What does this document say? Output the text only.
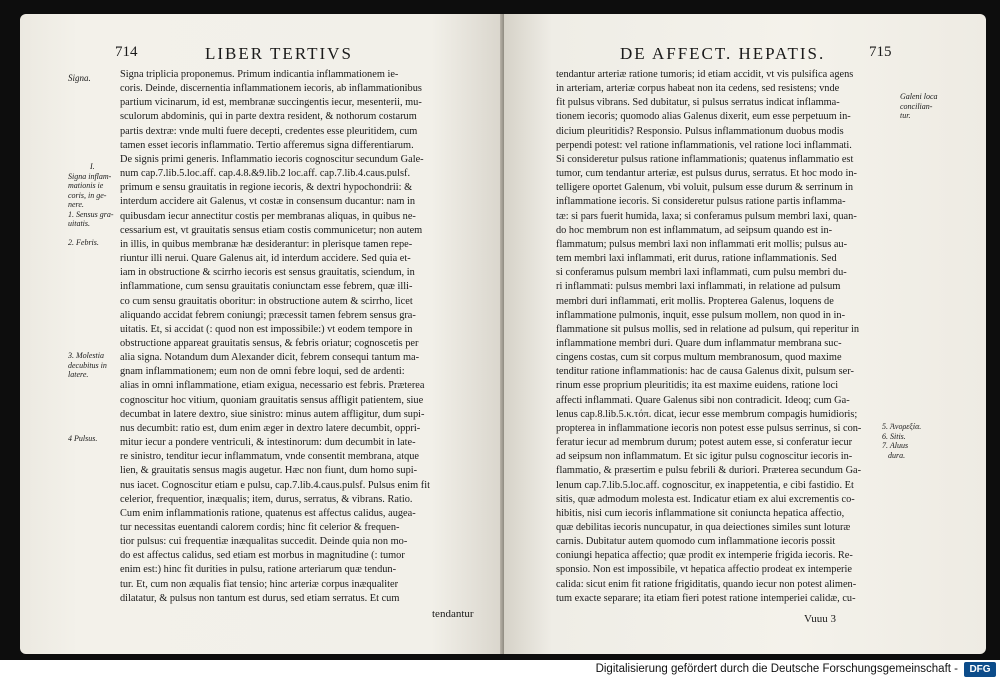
714	LIBER TERTIVS
Signa.
I.
Signa inflam-
mationis ie
coris, in ge-
nere.
1. Sensus gra-
uitatis.
2. Febris.
3. Molestia
decubitus in
latere.
4 Pulsus.
Signa triplicia proponemus. Primum indicantia inflammationem ie-
coris. Deinde, discernentia inflammationem iecoris, ab inflammationibus
partium vicinarum, id est, membranæ succingentis iecur, mesenterii, mu-
sculorum abdominis, qui in parte dextra resident, & nothorum costarum
partis dextræ: vnde multi fuere decepti, credentes esse pleuritidem, cum
tamen esset iecoris inflammatio. Tertio afferemus signa differentiarum.
De signis primi generis. Inflammatio iecoris cognoscitur secundum Gale-
num cap.7.lib.5.loc.aff. cap.4.8.&9.lib.2 loc.aff. cap.7.lib.4.caus.pulsf.
primum e sensu grauitatis in regione iecoris, & dextri hypochondrii: &
interdum accidere ait Galenus, vt costæ in consensum ducantur: nam in
quibusdam iecur annectitur costis per membranas aliquas, in quibus ne-
cessarium est, vt grauitatis sensus etiam costis communicetur; non autem
in illis, in quibus membranæ hæ desiderantur: in plerisque tamen repe-
riuntur illi nerui. Quare Galenus ait, id interdum accidere. Sed quia et-
iam in obstructione & scirrho iecoris est sensus grauitatis, sciendum, in
inflammatione, cum sensu grauitatis coniunctam esse febrem, quæ illi-
co cum sensu grauitatis oboritur: in obstructione autem & scirrho, licet
aliquando accidat febrem coniungi; præcessit tamen febrem sensus gra-
uitatis. Et, si accidat (: quod non est impossibile:) vt eodem tempore in
obstructione appareat grauitatis sensus, & febris oriatur; cognoscetis per
alia signa. Notandum dum Alexander dicit, febrem consequi tantum ma-
gnam inflammationem; eum non de omni febre loqui, sed de ardenti:
alias in omni inflammatione, etiam exigua, necessario est febris. Præterea
cognoscitur hoc vitium, quoniam grauitatis sensus affligit patientem, siue
decumbat in latere dextro, siue sinistro: minus autem affligitur, dum supi-
nus decumbit: ratio est, dum enim æger in dextro latere decumbit, oppri-
mitur iecur a pondere ventriculi, & intestinorum: dum decumbit in late-
re sinistro, tenditur iecur inflammatum, vnde consentit membrana, atque
lien, & grauitatis sensus magis augetur. Hæc non fiunt, dum homo supi-
nus iacet. Cognoscitur etiam e pulsu, cap.7.lib.4.caus.pulsf. Pulsus enim fit
celerior, frequentior, inæqualis; item, durus, serratus, & vibrans. Ratio.
Cum enim inflammationis ratione, quatenus est affectus calidus, augea-
tur necessitas euentandi calorem cordis; hinc fit celerior & frequen-
tior pulsus: cui frequentiæ inæqualitas succedit. Deinde quia non mo-
do est affectus calidus, sed etiam est morbus in magnitudine (: tumor
enim est:) hinc fit durities in pulsu, ratione arteriarum quæ tendun-
tur. Et, cum non æqualis fiat tensio; hinc arteriæ corpus inæqualiter
dilatatur, & pulsus non tantum est durus, sed etiam serratus. Et cum
tendantur
DE AFFECT. HEPATIS.	715
tendantur arteriæ ratione tumoris; id etiam accidit, vt vis pulsifica agens
in arteriam, arteriæ corpus habeat non ita cedens, sed resistens; vnde
fit pulsus vibrans. Sed dubitatur, si pulsus serratus indicat inflamma-
tionem iecoris; quomodo alias Galenus dixerit, eum esse perpetuum in-
dicium pleuritidis? Responsio. Pulsus inflammationum duobus modis
perpendi potest: vel ratione inflammationis, vel ratione loci inflammati.
Si consideretur pulsus ratione inflammationis; quatenus inflammatio est
tumor, cum tendantur arteriæ, est pulsus durus, serratus. Et hoc modo in-
telligere oportet Galenum, vbi voluit, pulsum esse durum & serrinum in
inflammatione iecoris. Si consideretur pulsus ratione partis inflamma-
tæ: si pars fuerit humida, laxa; si conferamus pulsum membri laxi, quan-
do hoc membrum non est inflammatum, ad seipsum quando est in-
flammatum; pulsus membri laxi non inflammati erit mollis; pulsus au-
tem membri laxi inflammati, erit durus, ratione inflammationis. Sed
si conferamus pulsum membri laxi inflammati, cum pulsu membri du-
ri inflammati: pulsus membri laxi inflammati, in relatione ad pulsum
membri duri inflammati, erit mollis. Propterea Galenus, loquens de
inflammatione pulmonis, inquit, esse pulsum mollem, non quod in in-
flammatione sit pulsus mollis, sed in relatione ad pulsum, qui reperitur in
inflammatione membri duri. Quare dum inflammatur membrana suc-
cingens costas, cum sit corpus multum membranosum, quod maxime
tenditur ratione inflammationis: hac de causa Galenus dixit, pulsum ser-
rinum esse proprium pleuritidis; ita est maxime euidens, ratione loci
affecti inflammati. Quare Galenus sibi non contradicit. Ideoq; cum Ga-
lenus cap.8.lib.5.κ.τόπ. dicat, iecur esse membrum compagis humidioris;
propterea in inflammatione iecoris non potest esse pulsus serrinus, si con-
feratur iecur ad membrum durum; potest autem esse, si conferatur iecur
ad seipsum non inflammatum. Et sic igitur pulsu cognoscitur iecoris in-
flammatio, & præsertim e pulsu febrili & duriori. Præterea secundum Ga-
lenum cap.7.lib.5.loc.aff. cognoscitur, ex inappetentia, e cibi fastidio. Et
sitis, quæ admodum molesta est. Indicatur etiam ex alui excrementis co-
hibitis, nisi cum iecoris inflammatione sit coniuncta hepatica affectio,
quæ debilitas iecoris nuncupatur, in qua deiectiones similes sunt loturæ
carnis. Dubitatur autem quomodo cum inflammatione iecoris possit
coniungi hepatica affectio; quæ prodit ex intemperie frigida iecoris. Re-
sponsio. Non est impossibile, vt hepatica affectio prodeat ex intemperie
calida: sicut enim fit ratione frigiditatis, quando iecur non potest alimen-
tum exacte separare; ita etiam fieri potest ratione intemperiei calidæ, cu-
Galeni loca
concilian-
tur.
5. Ἀνορεξία.
6. Sitis.
7. Aluus
dura.
Vuuu 3
Digitalisierung gefördert durch die Deutsche Forschungsgemeinschaft -	DFG
